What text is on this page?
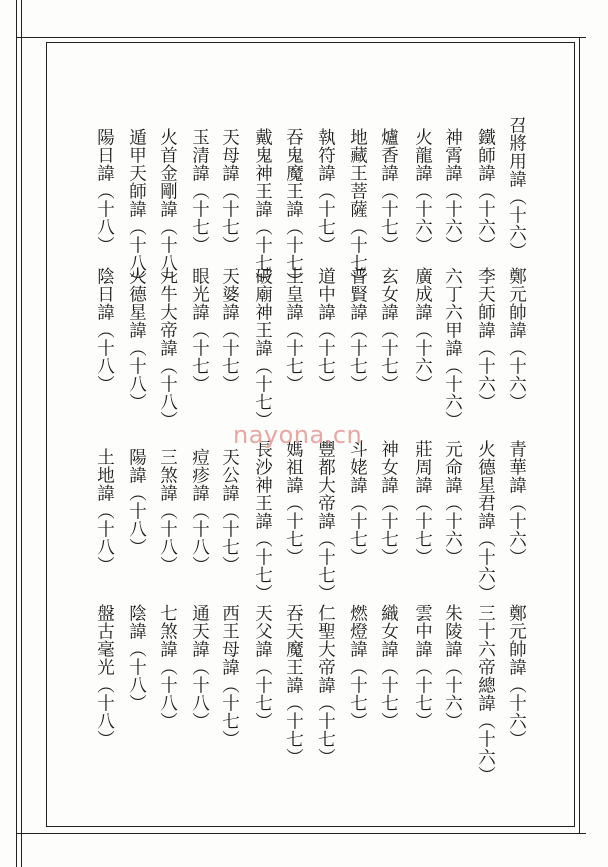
召將用諱（十六）
鐵師諱（十六）
神霄諱（十六）
火龍諱（十六）
爐香諱（十七）
地藏王菩薩（十七）
執符諱（十七）
吞鬼魔王諱（十七）
戴鬼神王諱（十七）
天母諱（十七）
玉清諱（十七）
火首金剛諱（十八）
遁甲天師諱（十八）
陽日諱（十八）
鄭元帥諱（十六）
李天師諱（十六）
六丁六甲諱（十六）
廣成諱（十六）
玄女諱（十七）
普賢諱（十七）
道中諱（十七）
土皇諱（十七）
破廟神王諱（十七）
天婆諱（十七）
眼光諱（十七）
九牛大帝諱（十八）
火德星諱（十八）
陰日諱（十八）
青華諱（十六）
火德星君諱（十六）
元命諱（十六）
莊周諱（十七）
神女諱（十七）
斗姥諱（十七）
豐都大帝諱（十七）
媽祖諱（十七）
長沙神王諱（十七）
天公諱（十七）
痘疹諱（十八）
三煞諱（十八）
陽諱（十八）
土地諱（十八）
鄭元帥諱（十六）
三十六帝總諱（十六）
朱陵諱（十六）
雲中諱（十七）
織女諱（十七）
燃燈諱（十七）
仁聖大帝諱（十七）
吞天魔王諱（十七）
天父諱（十七）
西王母諱（十七）
通天諱（十八）
七煞諱（十八）
陰諱（十八）
盤古毫光（十八）
nayona.cn
